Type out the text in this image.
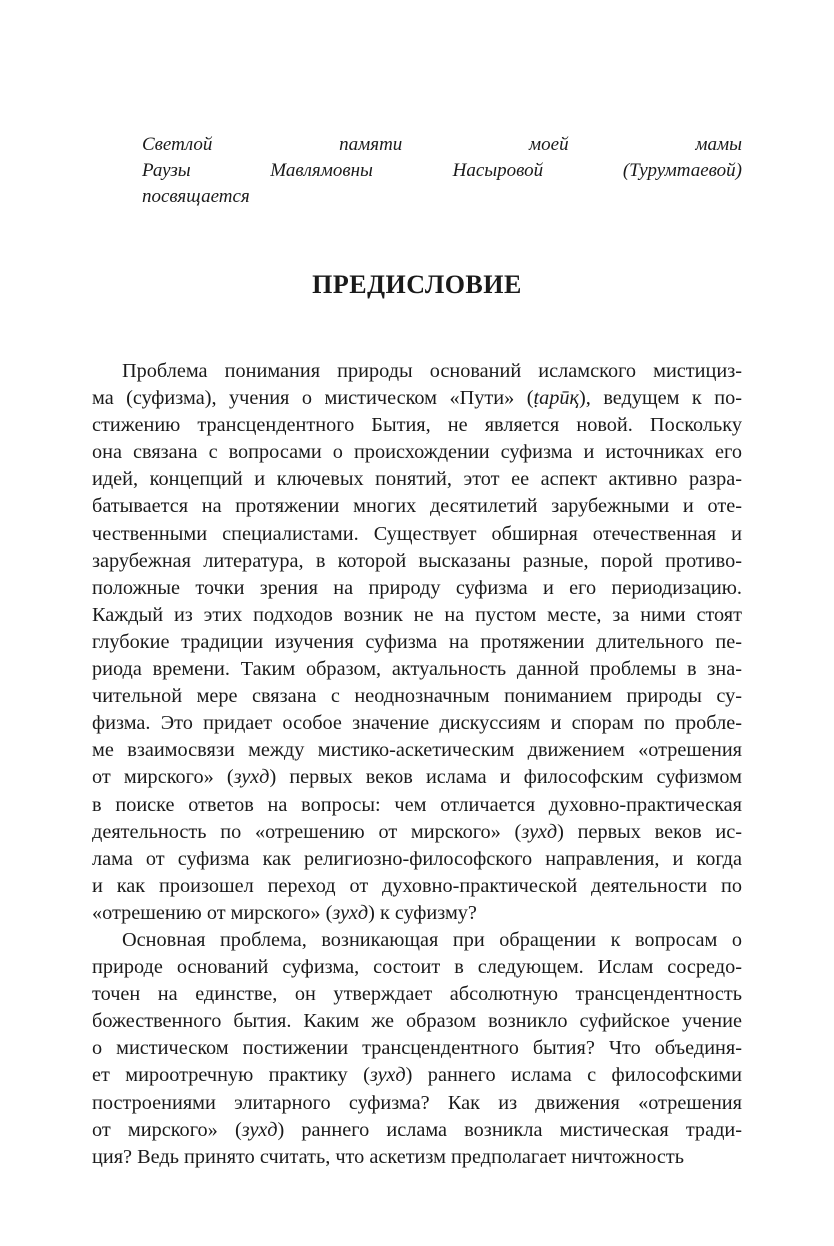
Светлой памяти моей мамы
Раузы Мавлямовны Насыровой (Турумтаевой)
посвящается
ПРЕДИСЛОВИЕ
Проблема понимания природы оснований исламского мистициз-
ма (суфизма), учения о мистическом «Пути» (ṭарӣқ), ведущем к по-
стижению трансцендентного Бытия, не является новой. Поскольку
она связана с вопросами о происхождении суфизма и источниках его
идей, концепций и ключевых понятий, этот ее аспект активно разра-
батывается на протяжении многих десятилетий зарубежными и оте-
чественными специалистами. Существует обширная отечественная и
зарубежная литература, в которой высказаны разные, порой противо-
положные точки зрения на природу суфизма и его периодизацию.
Каждый из этих подходов возник не на пустом месте, за ними стоят
глубокие традиции изучения суфизма на протяжении длительного пе-
риода времени. Таким образом, актуальность данной проблемы в зна-
чительной мере связана с неоднозначным пониманием природы су-
физма. Это придает особое значение дискуссиям и спорам по пробле-
ме взаимосвязи между мистико-аскетическим движением «отрешения
от мирского» (зухд) первых веков ислама и философским суфизмом
в поиске ответов на вопросы: чем отличается духовно-практическая
деятельность по «отрешению от мирского» (зухд) первых веков ис-
лама от суфизма как религиозно-философского направления, и когда
и как произошел переход от духовно-практической деятельности по
«отрешению от мирского» (зухд) к суфизму?
Основная проблема, возникающая при обращении к вопросам о
природе оснований суфизма, состоит в следующем. Ислам сосредо-
точен на единстве, он утверждает абсолютную трансцендентность
божественного бытия. Каким же образом возникло суфийское учение
о мистическом постижении трансцендентного бытия? Что объединя-
ет мироотречную практику (зухд) раннего ислама с философскими
построениями элитарного суфизма? Как из движения «отрешения
от мирского» (зухд) раннего ислама возникла мистическая тради-
ция? Ведь принято считать, что аскетизм предполагает ничтожность
